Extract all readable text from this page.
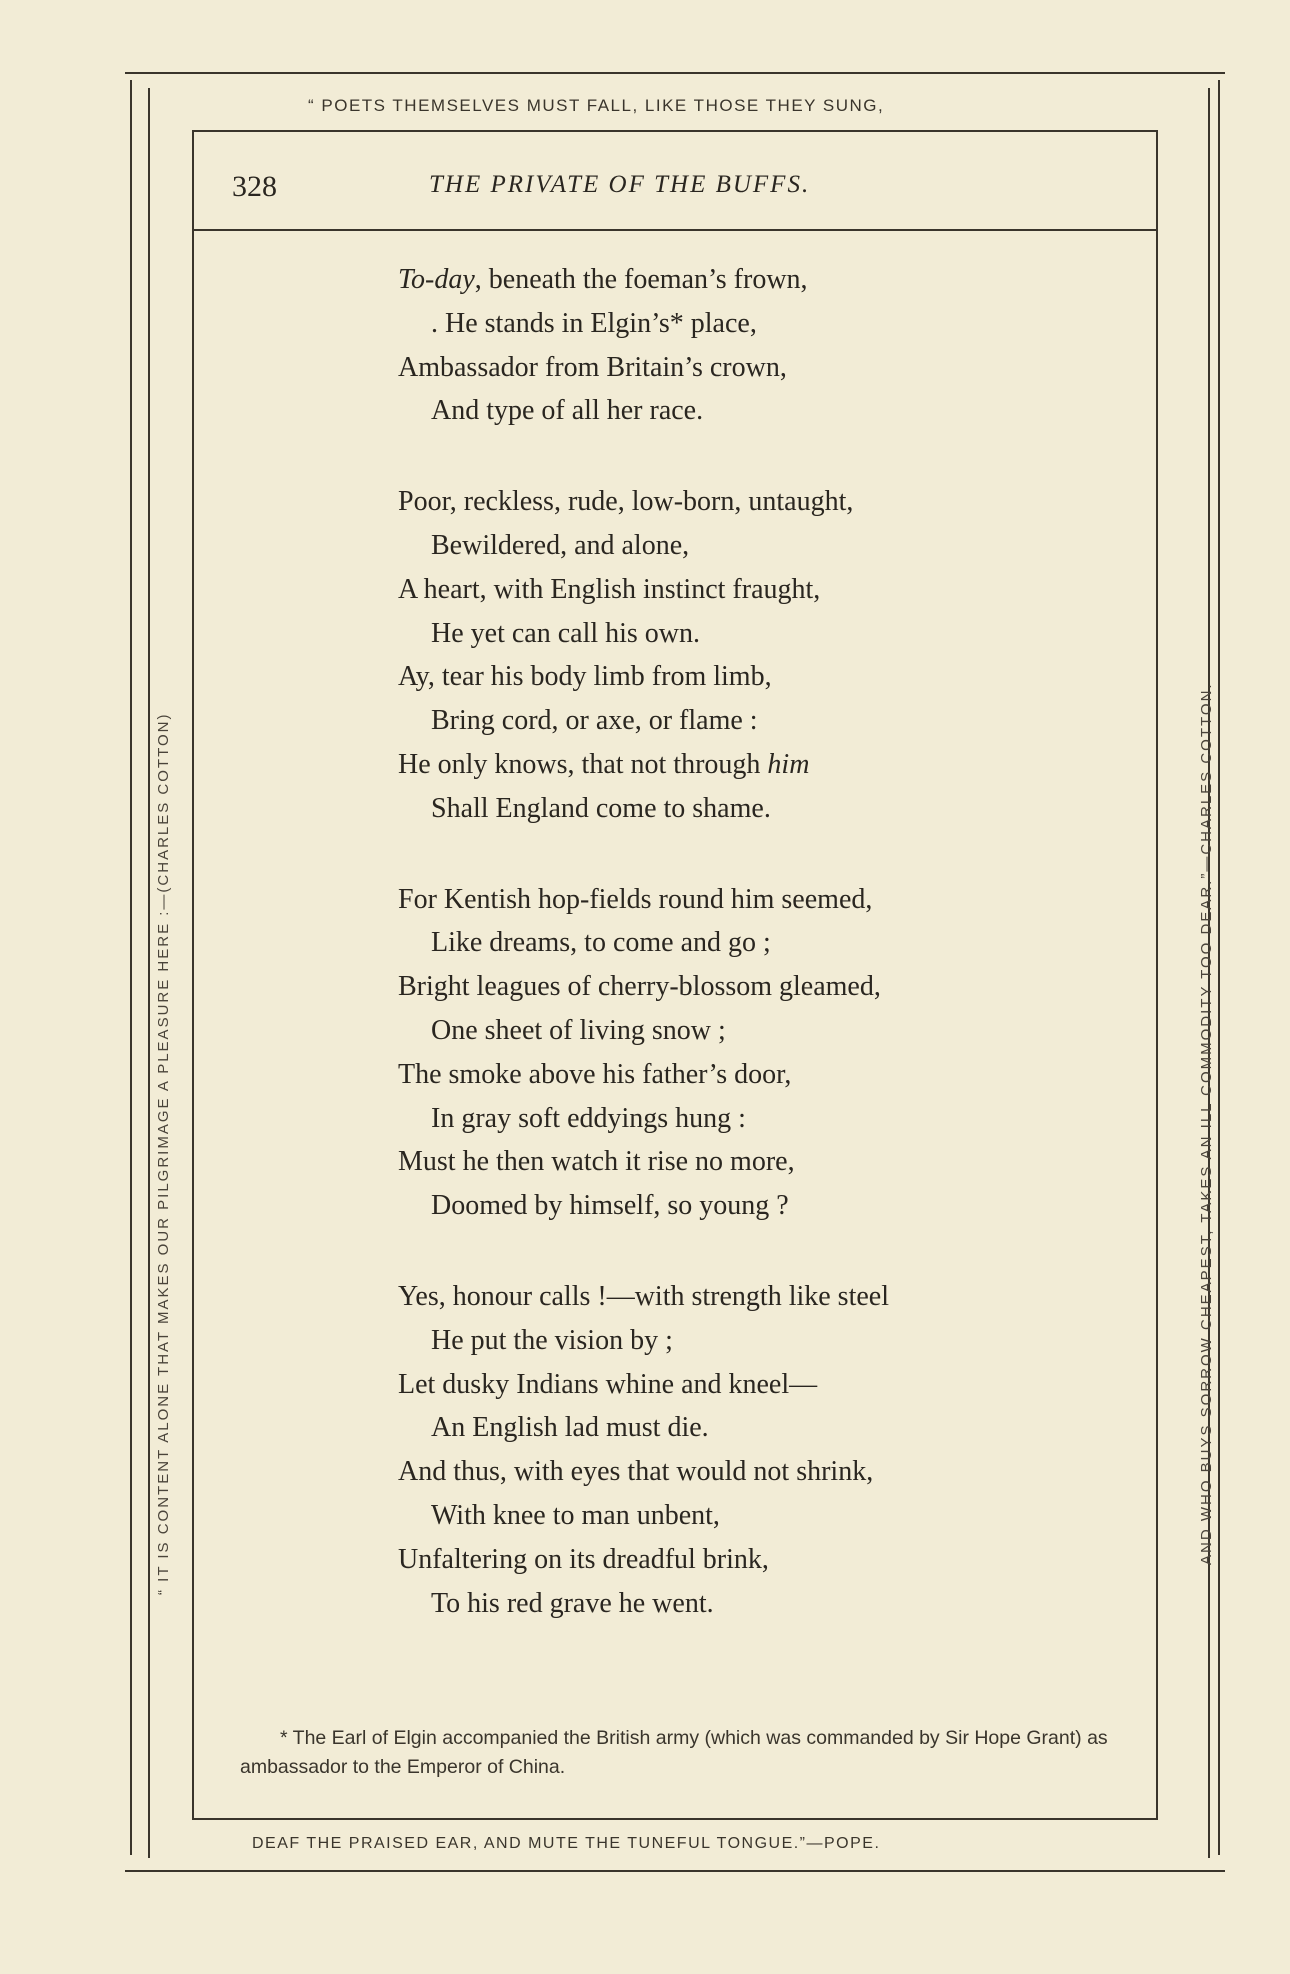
“ POETS THEMSELVES MUST FALL, LIKE THOSE THEY SUNG,
“ IT IS CONTENT ALONE THAT MAKES OUR PILGRIMAGE A PLEASURE HERE :—(CHARLES COTTON)	AND WHO BUYS SORROW CHEAPEST, TAKES AN ILL COMMODITY TOO DEAR.”—CHARLES COTTON.
DEAF THE PRAISED EAR, AND MUTE THE TUNEFUL TONGUE.”—POPE.
328	THE PRIVATE OF THE BUFFS.
To-day, beneath the foeman’s frown,
. He stands in Elgin’s* place,
Ambassador from Britain’s crown,
And type of all her race.
Poor, reckless, rude, low-born, untaught,
Bewildered, and alone,
A heart, with English instinct fraught,
He yet can call his own.
Ay, tear his body limb from limb,
Bring cord, or axe, or flame :
He only knows, that not through him
Shall England come to shame.
For Kentish hop-fields round him seemed,
Like dreams, to come and go ;
Bright leagues of cherry-blossom gleamed,
One sheet of living snow ;
The smoke above his father’s door,
In gray soft eddyings hung :
Must he then watch it rise no more,
Doomed by himself, so young ?
Yes, honour calls !—with strength like steel
He put the vision by ;
Let dusky Indians whine and kneel—
An English lad must die.
And thus, with eyes that would not shrink,
With knee to man unbent,
Unfaltering on its dreadful brink,
To his red grave he went.
* The Earl of Elgin accompanied the British army (which was commanded by Sir Hope Grant) as ambassador to the Emperor of China.
